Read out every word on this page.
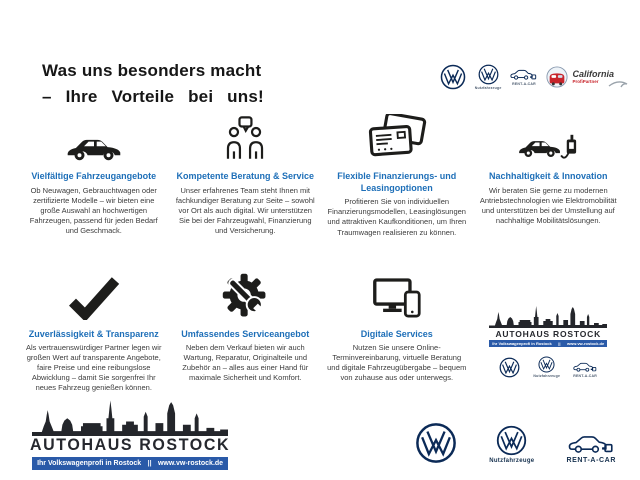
Was uns besonders macht
– Ihre Vorteile bei uns!	Nutzfahrzeuge
RENT-A-CAR
California
ProfiPartner
Vielfältige Fahrzeugangebote
Ob Neuwagen, Gebrauchtwagen oder zertifizierte Modelle – wir bieten eine große Auswahl an hochwertigen Fahrzeugen, passend für jeden Bedarf und Geschmack.
Kompetente Beratung & Service
Unser erfahrenes Team steht Ihnen mit fachkundiger Beratung zur Seite – sowohl vor Ort als auch digital. Wir unterstützen Sie bei der Fahrzeugwahl, Finanzierung und Versicherung.
Flexible Finanzierungs- und Leasingoptionen
Profitieren Sie von individuellen Finanzierungsmodellen, Leasinglösungen und attraktiven Kaufkonditionen, um Ihren Traumwagen realisieren zu können.
Nachhaltigkeit & Innovation
Wir beraten Sie gerne zu modernen Antriebstechnologien wie Elektromobilität und unterstützen bei der Umstellung auf nachhaltige Mobilitätslösungen.
Zuverlässigkeit & Transparenz
Als vertrauenswürdiger Partner legen wir großen Wert auf transparente Angebote, faire Preise und eine reibungslose Abwicklung – damit Sie sorgenfrei Ihr neues Fahrzeug genießen können.
Umfassendes Serviceangebot
Neben dem Verkauf bieten wir auch Wartung, Reparatur, Originalteile und Zubehör an – alles aus einer Hand für maximale Sicherheit und Komfort.
Digitale Services
Nutzen Sie unsere Online-Terminvereinbarung, virtuelle Beratung und digitale Fahrzeugübergabe – bequem von zuhause aus oder unterwegs.
AUTOHAUS ROSTOCK
Ihr Volkswagenprofi in Rostock	||	www.vw-rostock.de
Nutzfahrzeuge	RENT-A-CAR
AUTOHAUS ROSTOCK
Ihr Volkswagenprofi in Rostock || www.vw-rostock.de	Nutzfahrzeuge	RENT-A-CAR
